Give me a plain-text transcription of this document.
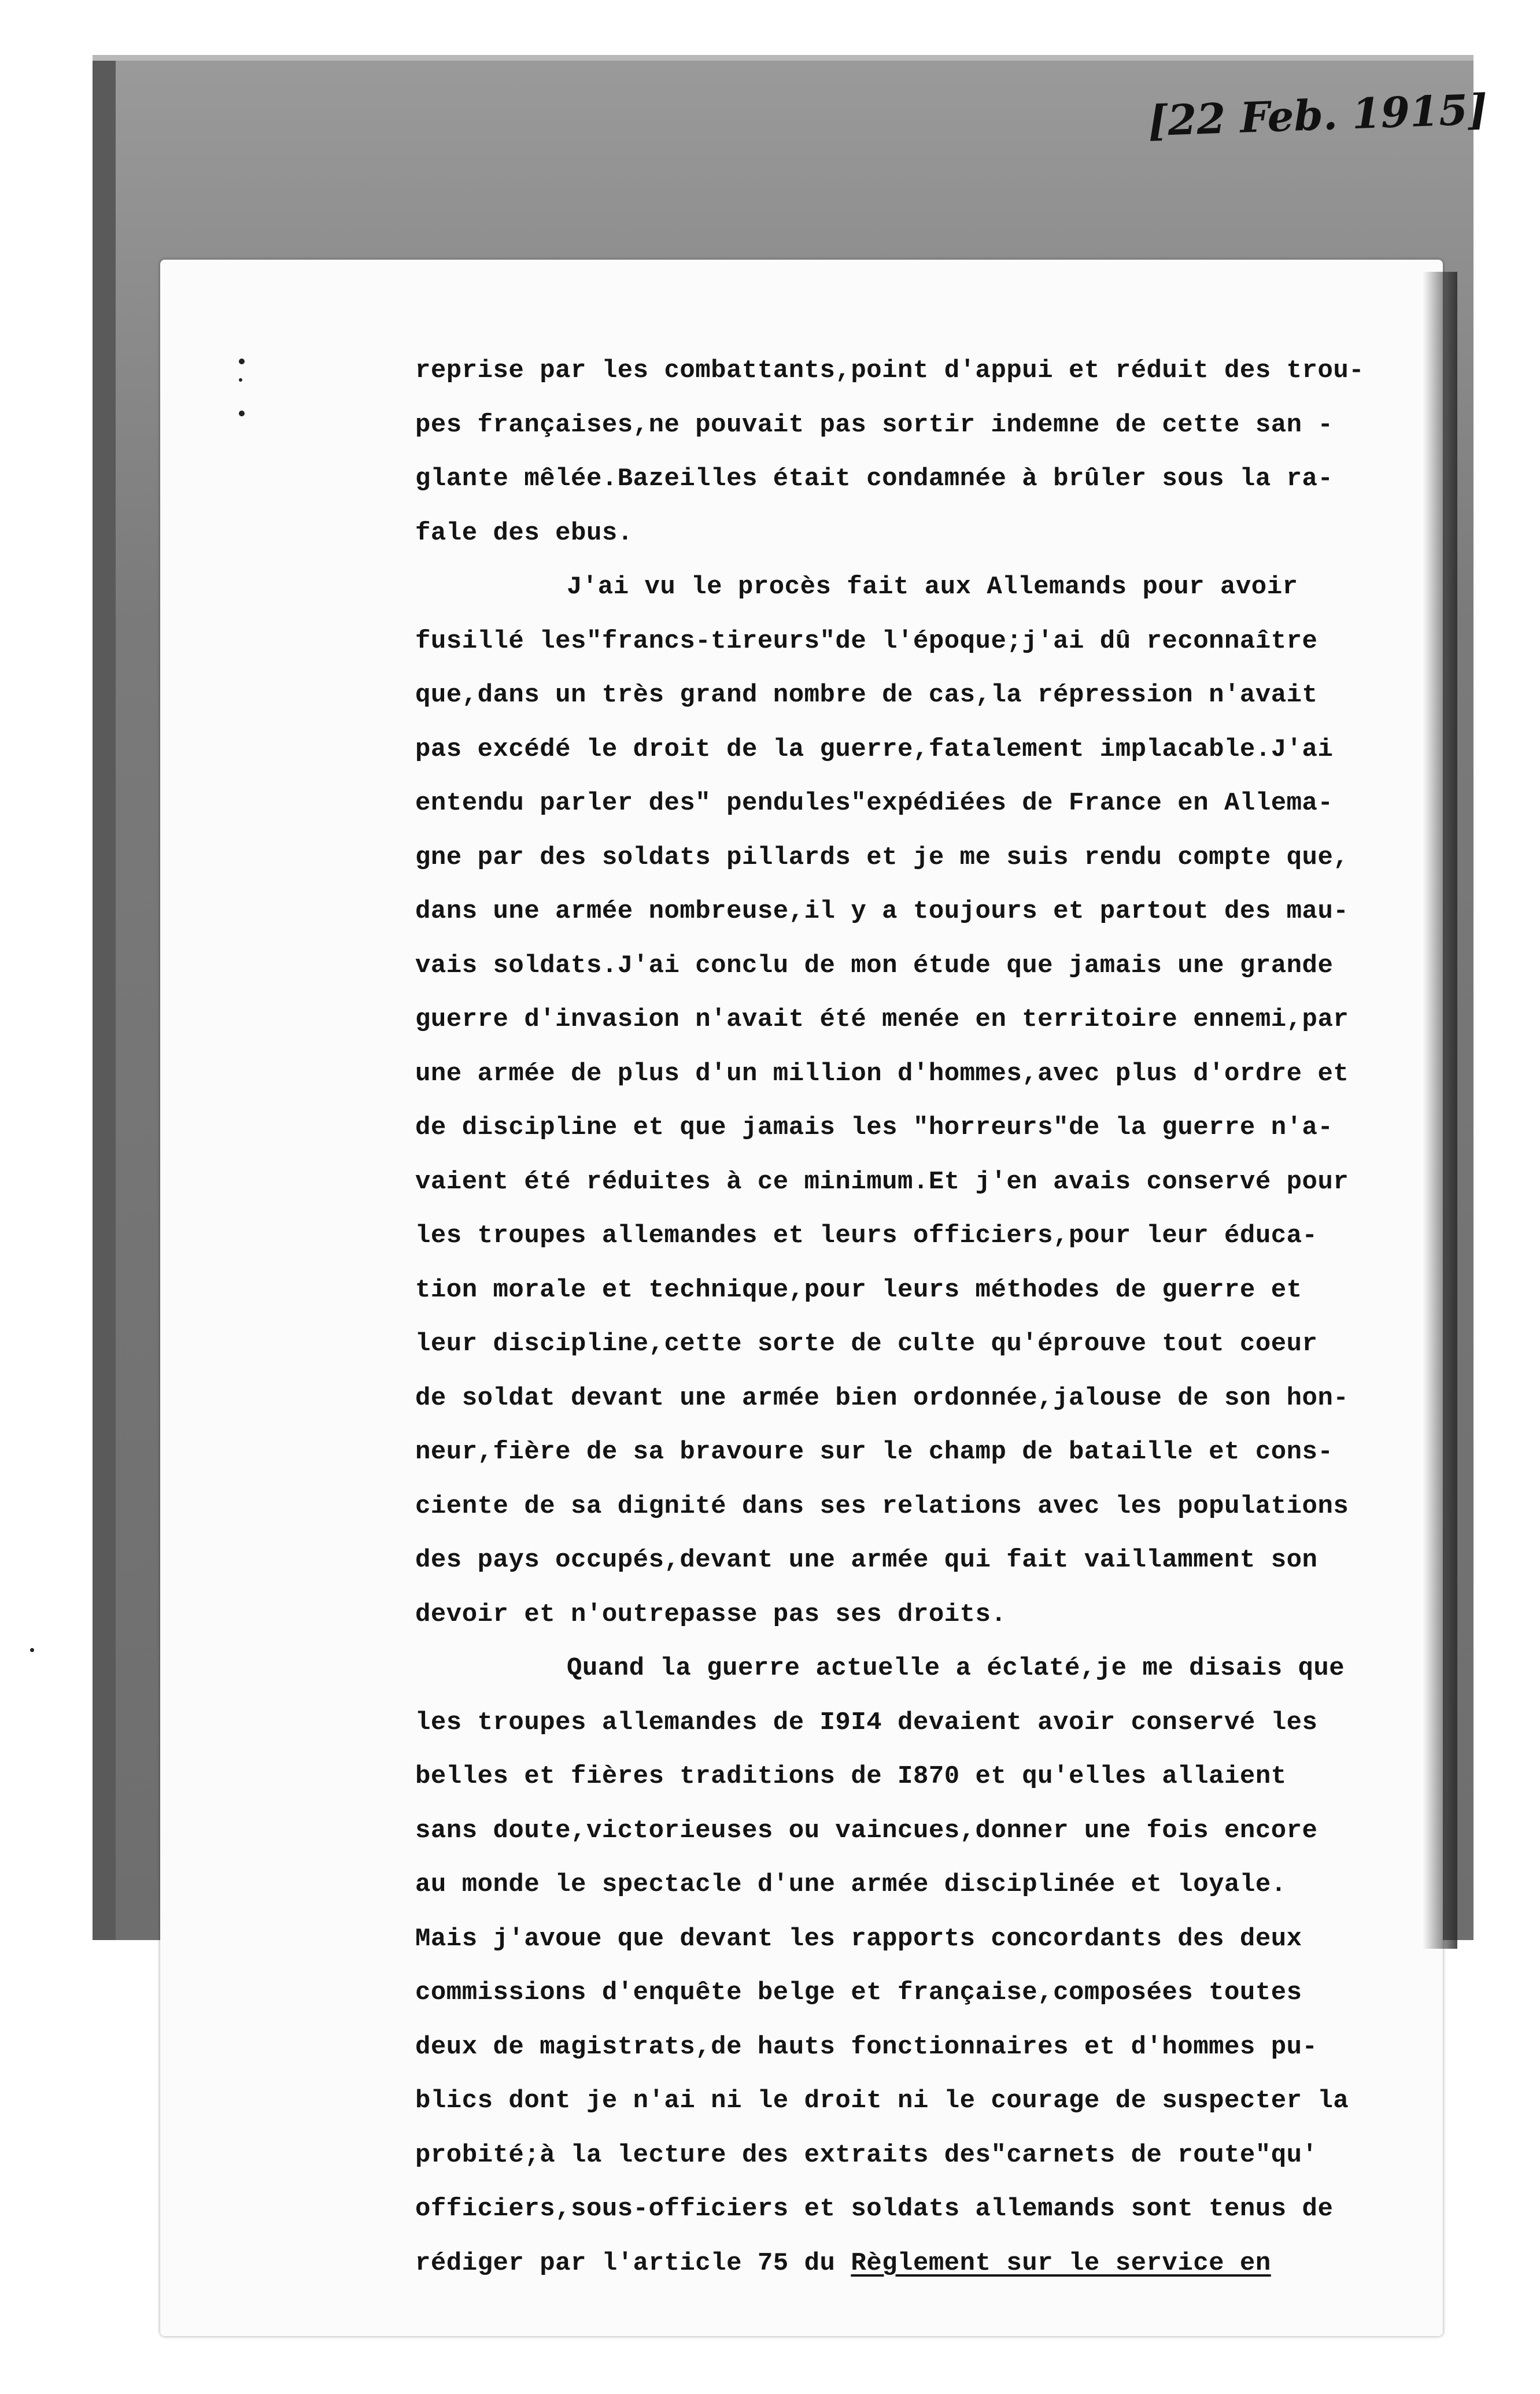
[22 Feb. 1915]
reprise par les combattants,point d'appui et réduit des trou-
pes françaises,ne pouvait pas sortir indemne de cette san -
glante mêlée.Bazeilles était condamnée à brûler sous la ra-
fale des ebus.
J'ai vu le procès fait aux Allemands pour avoir
fusillé les"francs-tireurs"de l'époque;j'ai dû reconnaître
que,dans un très grand nombre de cas,la répression n'avait
pas excédé le droit de la guerre,fatalement implacable.J'ai
entendu parler des" pendules"expédiées de France en Allema-
gne par des soldats pillards et je me suis rendu compte que,
dans une armée nombreuse,il y a toujours et partout des mau-
vais soldats.J'ai conclu de mon étude que jamais une grande
guerre d'invasion n'avait été menée en territoire ennemi,par
une armée de plus d'un million d'hommes,avec plus d'ordre et
de discipline et que jamais les "horreurs"de la guerre n'a-
vaient été réduites à ce minimum.Et j'en avais conservé pour
les troupes allemandes et leurs officiers,pour leur éduca-
tion morale et technique,pour leurs méthodes de guerre et
leur discipline,cette sorte de culte qu'éprouve tout coeur
de soldat devant une armée bien ordonnée,jalouse de son hon-
neur,fière de sa bravoure sur le champ de bataille et cons-
ciente de sa dignité dans ses relations avec les populations
des pays occupés,devant une armée qui fait vaillamment son
devoir et n'outrepasse pas ses droits.
Quand la guerre actuelle a éclaté,je me disais que
les troupes allemandes de I9I4 devaient avoir conservé les
belles et fières traditions de I870 et qu'elles allaient
sans doute,victorieuses ou vaincues,donner une fois encore
au monde le spectacle d'une armée disciplinée et loyale.
Mais j'avoue que devant les rapports concordants des deux
commissions d'enquête belge et française,composées toutes
deux de magistrats,de hauts fonctionnaires et d'hommes pu-
blics dont je n'ai ni le droit ni le courage de suspecter la
probité;à la lecture des extraits des"carnets de route"qu'
officiers,sous-officiers et soldats allemands sont tenus de
rédiger par l'article 75 du Règlement sur le service en
